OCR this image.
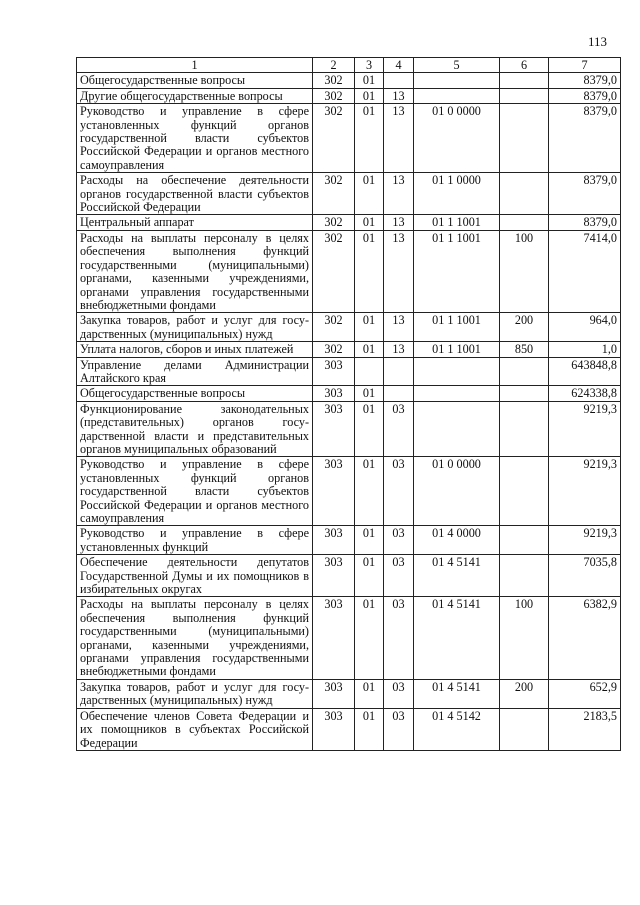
113
1	2	3	4	5	6	7
Общегосударственные вопросы	302	01				8379,0
Другие общегосударственные вопросы	302	01	13			8379,0
Руководство и управление в сфере установленных функций органов государственной власти субъектов Российской Федерации и органов местного самоуправления	302	01	13	01 0 0000		8379,0
Расходы на обеспечение деятельности органов государственной власти субъектов Российской Федерации	302	01	13	01 1 0000		8379,0
Центральный аппарат	302	01	13	01 1 1001		8379,0
Расходы на выплаты персоналу в целях обеспечения выполнения функций государственными (муниципальными) органами, казенными учреждениями, органами управления государственными внебюджетными фондами	302	01	13	01 1 1001	100	7414,0
Закупка товаров, работ и услуг для государственных (муниципальных) нужд	302	01	13	01 1 1001	200	964,0
Уплата налогов, сборов и иных платежей	302	01	13	01 1 1001	850	1,0
Управление делами Администрации Алтайского края	303					643848,8
Общегосударственные вопросы	303	01				624338,8
Функционирование законодательных (представительных) органов государственной власти и представительных органов муниципальных образований	303	01	03			9219,3
Руководство и управление в сфере установленных функций органов государственной власти субъектов Российской Федерации и органов местного самоуправления	303	01	03	01 0 0000		9219,3
Руководство и управление в сфере установленных функций	303	01	03	01 4 0000		9219,3
Обеспечение деятельности депутатов Государственной Думы и их помощников в избирательных округах	303	01	03	01 4 5141		7035,8
Расходы на выплаты персоналу в целях обеспечения выполнения функций государственными (муниципальными) органами, казенными учреждениями, органами управления государственными внебюджетными фондами	303	01	03	01 4 5141	100	6382,9
Закупка товаров, работ и услуг для государственных (муниципальных) нужд	303	01	03	01 4 5141	200	652,9
Обеспечение членов Совета Федерации и их помощников в субъектах Российской Федерации	303	01	03	01 4 5142		2183,5
